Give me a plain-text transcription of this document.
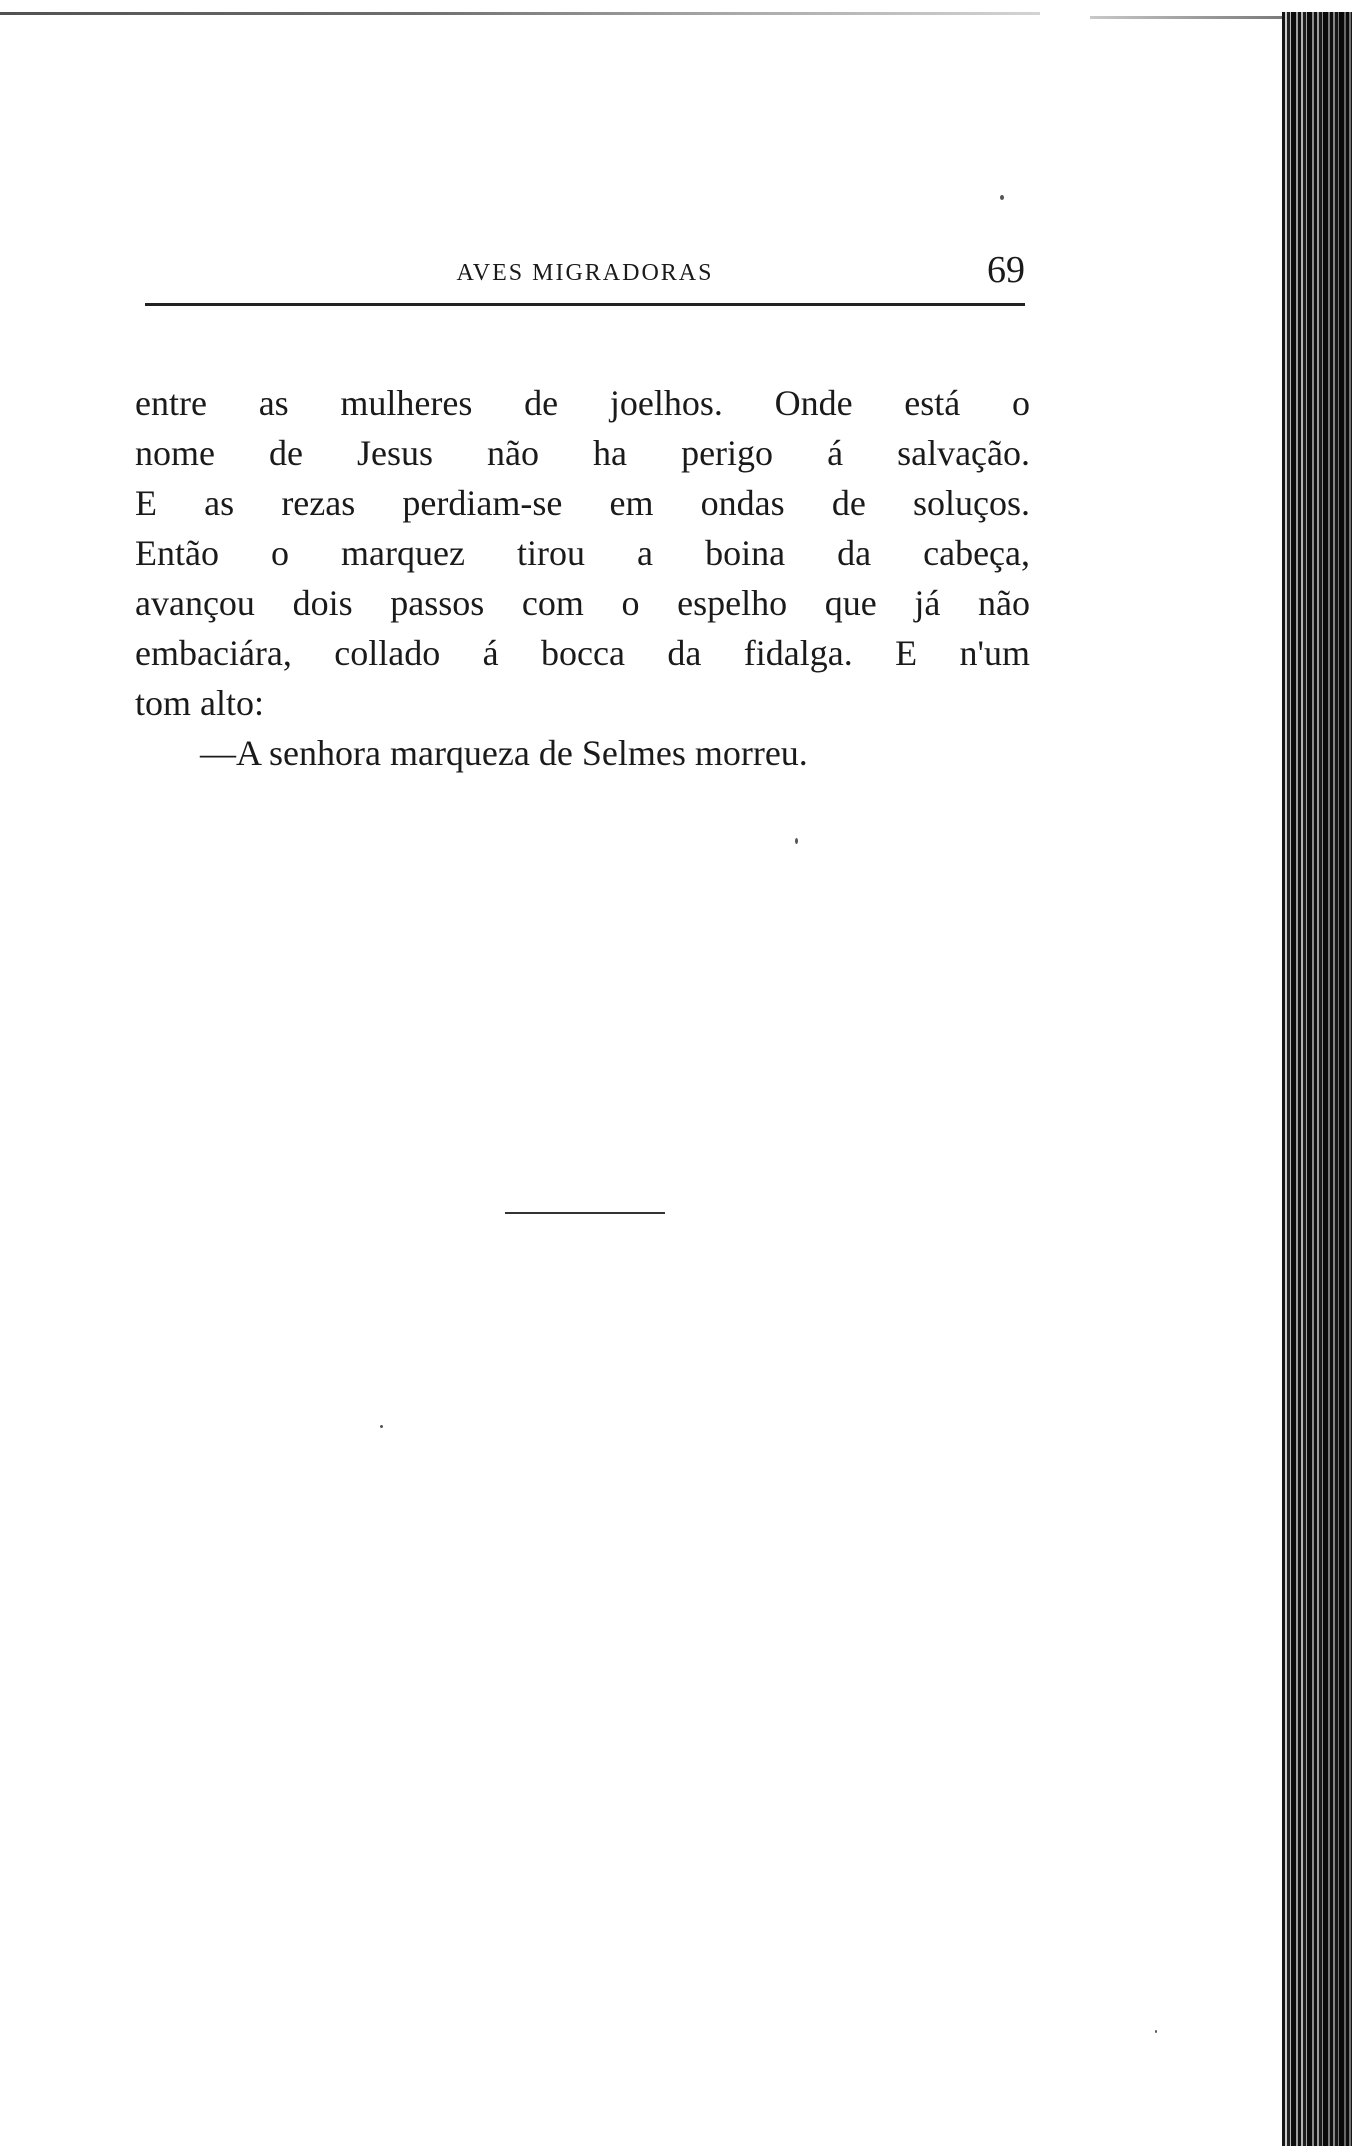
AVES MIGRADORAS	69
entre as mulheres de joelhos. Onde está o
nome de Jesus não ha perigo á salvação.
E as rezas perdiam-se em ondas de soluços.
Então o marquez tirou a boina da cabeça,
avançou dois passos com o espelho que já não
embaciára, collado á bocca da fidalga. E n'um
tom alto:
—A senhora marqueza de Selmes morreu.
